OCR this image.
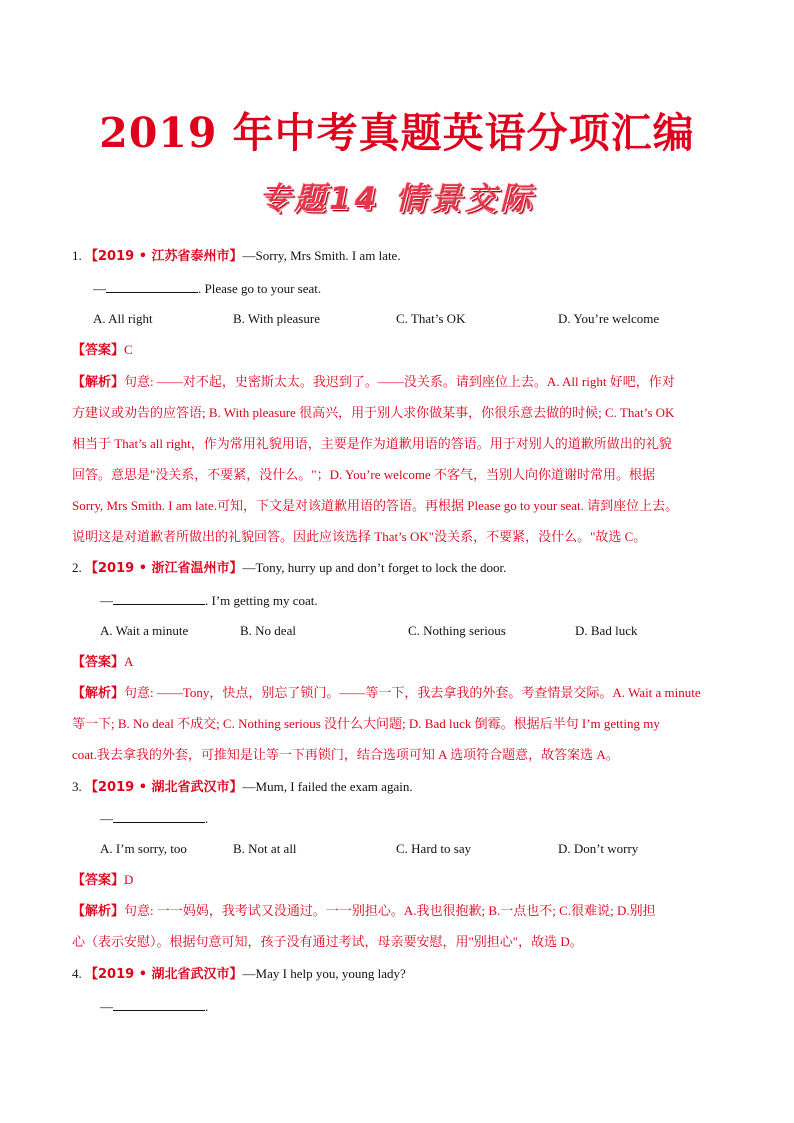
2019 年中考真题英语分项汇编
专题14 情景交际
1. 【2019 • 江苏省泰州市】—Sorry, Mrs Smith. I am late.
—	. Please go to your seat.
A. All right	B. With pleasure	C. That’s OK	D. You’re welcome
【答案】C
【解析】句意: ——对不起，史密斯太太。我迟到了。——没关系。请到座位上去。A. All right 好吧，作对
方建议或劝告的应答语; B. With pleasure 很高兴，用于别人求你做某事，你很乐意去做的时候; C. That’s OK
相当于 That’s all right，作为常用礼貌用语，主要是作为道歉用语的答语。用于对别人的道歉所做出的礼貌
回答。意思是"没关系，不要紧，没什么。"；D. You’re welcome 不客气，当别人向你道谢时常用。根据
Sorry, Mrs Smith. I am late.可知，下文是对该道歉用语的答语。再根据 Please go to your seat. 请到座位上去。
说明这是对道歉者所做出的礼貌回答。因此应该选择 That’s OK"没关系，不要紧，没什么。"故选 C。
2. 【2019 • 浙江省温州市】—Tony, hurry up and don’t forget to lock the door.
—	. I’m getting my coat.
A. Wait a minute	B. No deal	C. Nothing serious	D. Bad luck
【答案】A
【解析】句意: ——Tony，快点，别忘了锁门。——等一下，我去拿我的外套。考查情景交际。A. Wait a minute
等一下; B. No deal 不成交; C. Nothing serious 没什么大问题; D. Bad luck 倒霉。根据后半句 I’m getting my
coat.我去拿我的外套，可推知是让等一下再锁门，结合选项可知 A 选项符合题意，故答案选 A。
3. 【2019 • 湖北省武汉市】—Mum, I failed the exam again.
—	.
A. I’m sorry, too	B. Not at all	C. Hard to say	D. Don’t worry
【答案】D
【解析】句意: 一一妈妈，我考试又没通过。一一别担心。A.我也很抱歉; B.一点也不; C.很难说; D.别担
心（表示安慰）。根据句意可知，孩子没有通过考试，母亲要安慰，用"别担心"，故选 D。
4. 【2019 • 湖北省武汉市】—May I help you, young lady?
—	.
